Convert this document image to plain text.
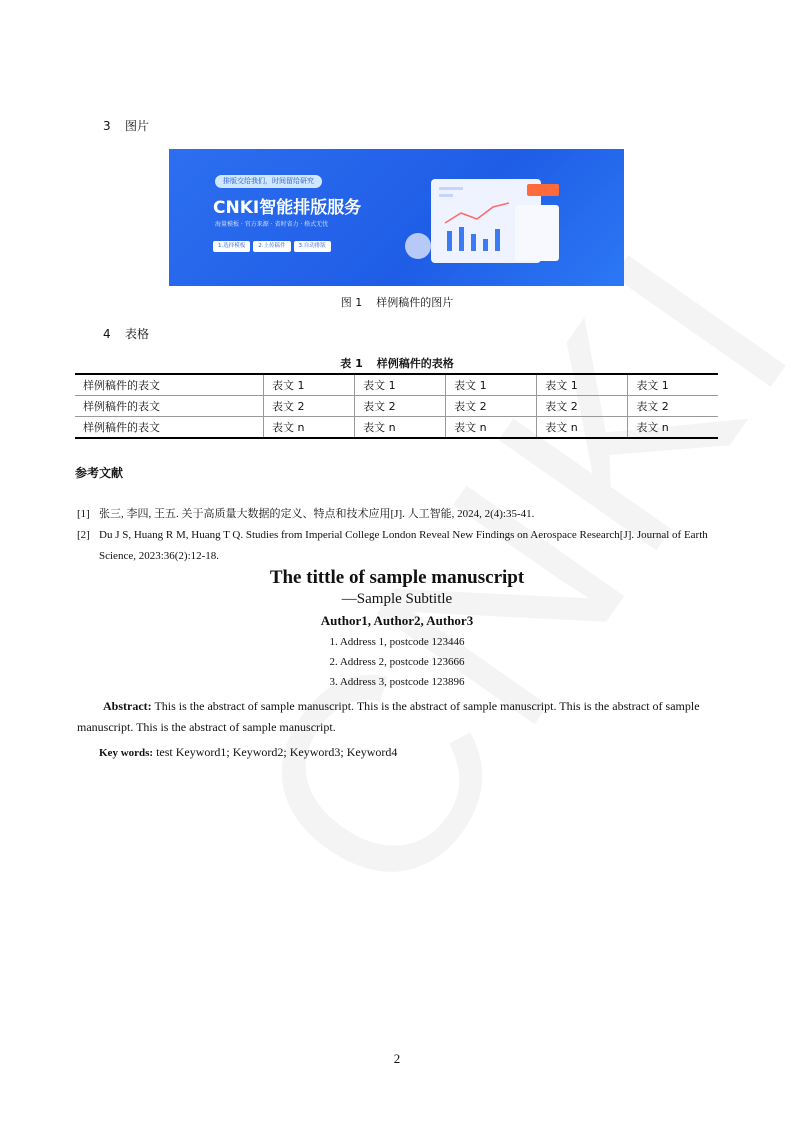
3 图片
排版交给我们，时间留给研究
CNKI智能排版服务
海量模板 · 官方来源 · 省时省力 · 格式无忧
1.选择模板	2.上传稿件	3.自动排版
图 1 样例稿件的图片
4 表格
表 1 样例稿件的表格
样例稿件的表文	表文 1	表文 1	表文 1	表文 1	表文 1
样例稿件的表文	表文 2	表文 2	表文 2	表文 2	表文 2
样例稿件的表文	表文 n	表文 n	表文 n	表文 n	表文 n
参考文献
[1] 张三, 李四, 王五. 关于高质量大数据的定义、特点和技术应用[J]. 人工智能, 2024, 2(4):35-41.
[2] Du J S, Huang R M, Huang T Q. Studies from Imperial College London Reveal New Findings on Aerospace Research[J]. Journal of Earth Science, 2023:36(2):12-18.
The tittle of sample manuscript
—Sample Subtitle
Author1, Author2, Author3
1. Address 1, postcode 123446
2. Address 2, postcode 123666
3. Address 3, postcode 123896
Abstract: This is the abstract of sample manuscript. This is the abstract of sample manuscript. This is the abstract of sample manuscript. This is the abstract of sample manuscript.
Key words: test Keyword1; Keyword2; Keyword3; Keyword4
2
